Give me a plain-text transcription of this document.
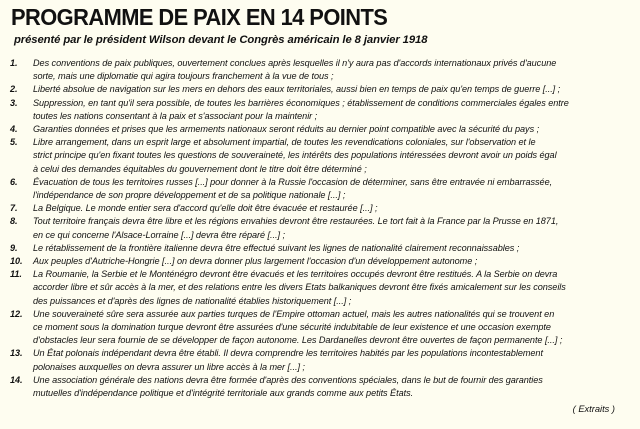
PROGRAMME DE PAIX EN 14 POINTS
présenté par le président Wilson devant le Congrès américain le 8 janvier 1918
1. Des conventions de paix publiques, ouvertement conclues après lesquelles il n'y aura pas d'accords internationaux privés d'aucune
sorte, mais une diplomatie qui agira toujours franchement à la vue de tous ;
2. Liberté absolue de navigation sur les mers en dehors des eaux territoriales, aussi bien en temps de paix qu'en temps de guerre [...] ;
3. Suppression, en tant qu'il sera possible, de toutes les barrières économiques ; établissement de conditions commerciales égales entre
toutes les nations consentant à la paix et s'associant pour la maintenir ;
4. Garanties données et prises que les armements nationaux seront réduits au dernier point compatible avec la sécurité du pays ;
5. Libre arrangement, dans un esprit large et absolument impartial, de toutes les revendications coloniales, sur l'observation et le
strict principe qu'en fixant toutes les questions de souveraineté, les intérêts des populations intéressées devront avoir un poids égal
à celui des demandes équitables du gouvernement dont le titre doit être déterminé ;
6. Évacuation de tous les territoires russes [...] pour donner à la Russie l'occasion de déterminer, sans être entravée ni embarrassée,
l'indépendance de son propre développement et de sa politique nationale [...] ;
7. La Belgique. Le monde entier sera d'accord qu'elle doit être évacuée et restaurée [...] ;
8. Tout territoire français devra être libre et les régions envahies devront être restaurées. Le tort fait à la France par la Prusse en 1871,
en ce qui concerne l'Alsace-Lorraine [...] devra être réparé [...] ;
9. Le rétablissement de la frontière italienne devra être effectué suivant les lignes de nationalité clairement reconnaissables ;
10. Aux peuples d'Autriche-Hongrie [...] on devra donner plus largement l'occasion d'un développement autonome ;
11. La Roumanie, la Serbie et le Monténégro devront être évacués et les territoires occupés devront être restitués. A la Serbie on devra
accorder libre et sûr accès à la mer, et des relations entre les divers Etats balkaniques devront être fixés amicalement sur les conseils
des puissances et d'après des lignes de nationalité établies historiquement [...] ;
12. Une souveraineté sûre sera assurée aux parties turques de l'Empire ottoman actuel, mais les autres nationalités qui se trouvent en
ce moment sous la domination turque devront être assurées d'une sécurité indubitable de leur existence et une occasion exempte
d'obstacles leur sera fournie de se développer de façon autonome. Les Dardanelles devront être ouvertes de façon permanente [...] ;
13. Un État polonais indépendant devra être établi. Il devra comprendre les territoires habités par les populations incontestablement
polonaises auxquelles on devra assurer un libre accès à la mer [...] ;
14. Une association générale des nations devra être formée d'après des conventions spéciales, dans le but de fournir des garanties
mutuelles d'indépendance politique et d'intégrité territoriale aux grands comme aux petits États.
( Extraits )
